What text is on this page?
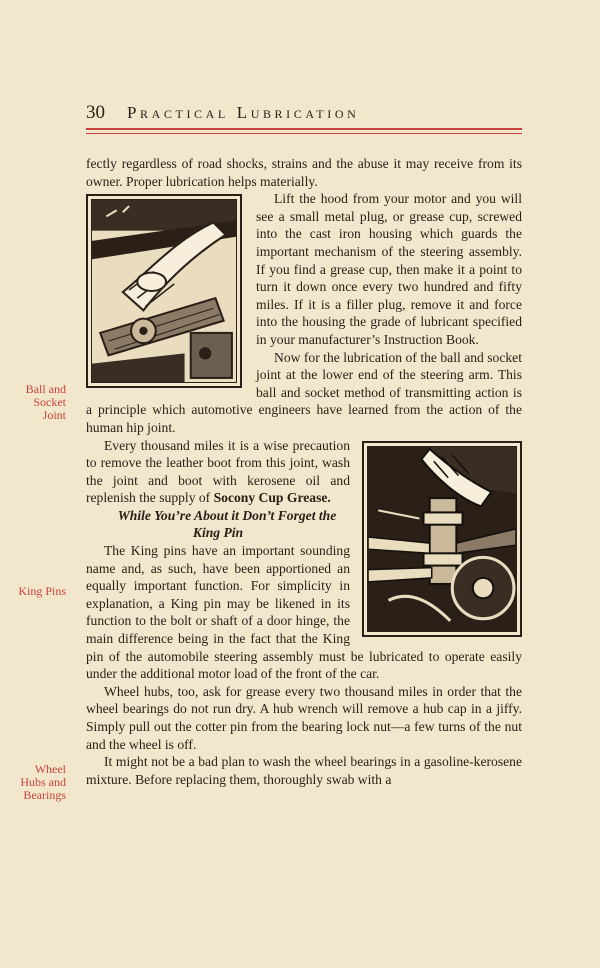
30 Practical Lubrication
Ball and Socket Joint
King Pins
Wheel Hubs and Bearings

fectly regardless of road shocks, strains and the abuse it may receive from its owner. Proper lubrication helps materially.

Lift the hood from your motor and you will see a small metal plug, or grease cup, screwed into the cast iron housing which guards the important mechanism of the steering assembly. If you find a grease cup, then make it a point to turn it down once every two hundred and fifty miles. If it is a filler plug, remove it and force into the housing the grade of lubricant specified in your manufacturer’s Instruction Book.

Now for the lubrication of the ball and socket joint at the lower end of the steering arm. This ball and socket method of transmitting action is a principle which automotive engineers have learned from the action of the human hip joint.

Every thousand miles it is a wise precaution to remove the leather boot from this joint, wash the joint and boot with kerosene oil and replenish the supply of Socony Cup Grease.

While You’re About it Don’t Forget the King Pin

The King pins have an important sounding name and, as such, have been apportioned an equally important function. For simplicity in explanation, a King pin may be likened in its function to the bolt or shaft of a door hinge, the main difference being in the fact that the King pin of the automobile steering assembly must be lubricated to operate easily under the additional motor load of the front of the car.

Wheel hubs, too, ask for grease every two thousand miles in order that the wheel bearings do not run dry. A hub wrench will remove a hub cap in a jiffy. Simply pull out the cotter pin from the bearing lock nut—a few turns of the nut and the wheel is off.

It might not be a bad plan to wash the wheel bearings in a gasoline-kerosene mixture. Before replacing them, thoroughly swab with a
